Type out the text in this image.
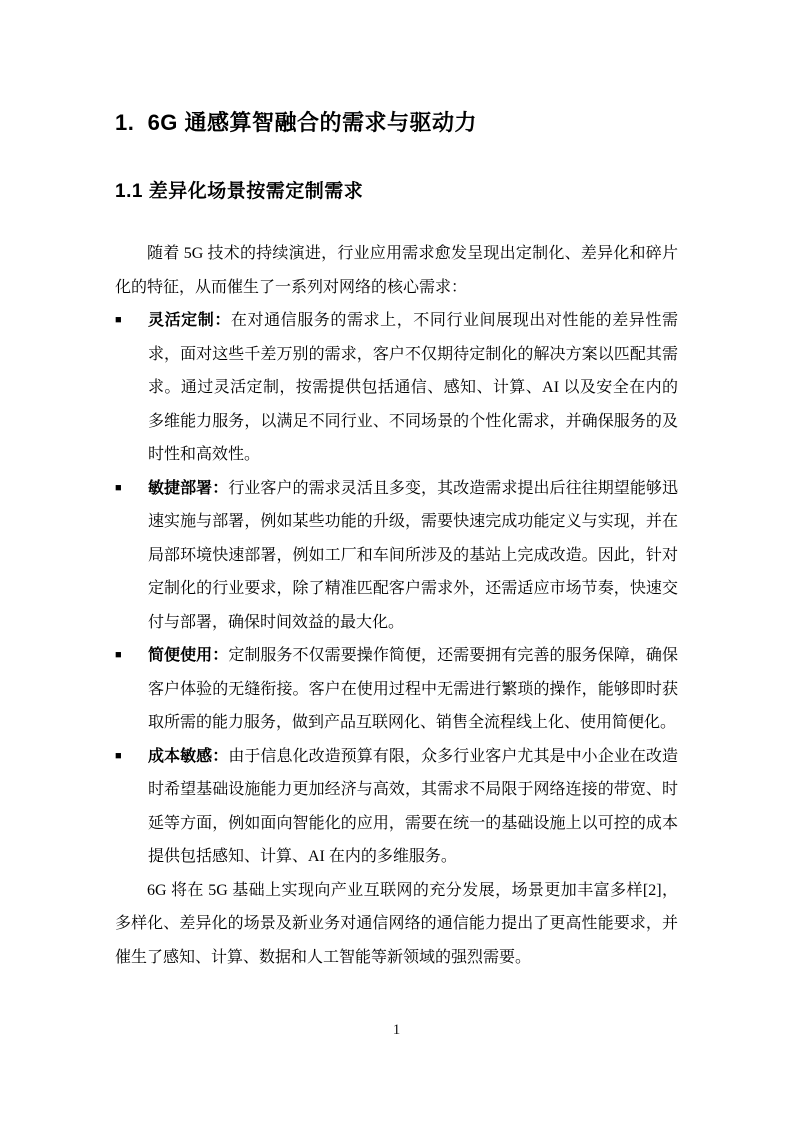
1.  6G 通感算智融合的需求与驱动力
1.1 差异化场景按需定制需求

随着 5G 技术的持续演进，行业应用需求愈发呈现出定制化、差异化和碎片化的特征，从而催生了一系列对网络的核心需求：

■	灵活定制：在对通信服务的需求上，不同行业间展现出对性能的差异性需求，面对这些千差万别的需求，客户不仅期待定制化的解决方案以匹配其需求。通过灵活定制，按需提供包括通信、感知、计算、AI 以及安全在内的多维能力服务，以满足不同行业、不同场景的个性化需求，并确保服务的及时性和高效性。
■	敏捷部署：行业客户的需求灵活且多变，其改造需求提出后往往期望能够迅速实施与部署，例如某些功能的升级，需要快速完成功能定义与实现，并在局部环境快速部署，例如工厂和车间所涉及的基站上完成改造。因此，针对定制化的行业要求，除了精准匹配客户需求外，还需适应市场节奏，快速交付与部署，确保时间效益的最大化。
■	简便使用：定制服务不仅需要操作简便，还需要拥有完善的服务保障，确保客户体验的无缝衔接。客户在使用过程中无需进行繁琐的操作，能够即时获取所需的能力服务，做到产品互联网化、销售全流程线上化、使用简便化。
■	成本敏感：由于信息化改造预算有限，众多行业客户尤其是中小企业在改造时希望基础设施能力更加经济与高效，其需求不局限于网络连接的带宽、时延等方面，例如面向智能化的应用，需要在统一的基础设施上以可控的成本提供包括感知、计算、AI 在内的多维服务。

6G 将在 5G 基础上实现向产业互联网的充分发展，场景更加丰富多样[2]，多样化、差异化的场景及新业务对通信网络的通信能力提出了更高性能要求，并催生了感知、计算、数据和人工智能等新领域的强烈需要。

1
